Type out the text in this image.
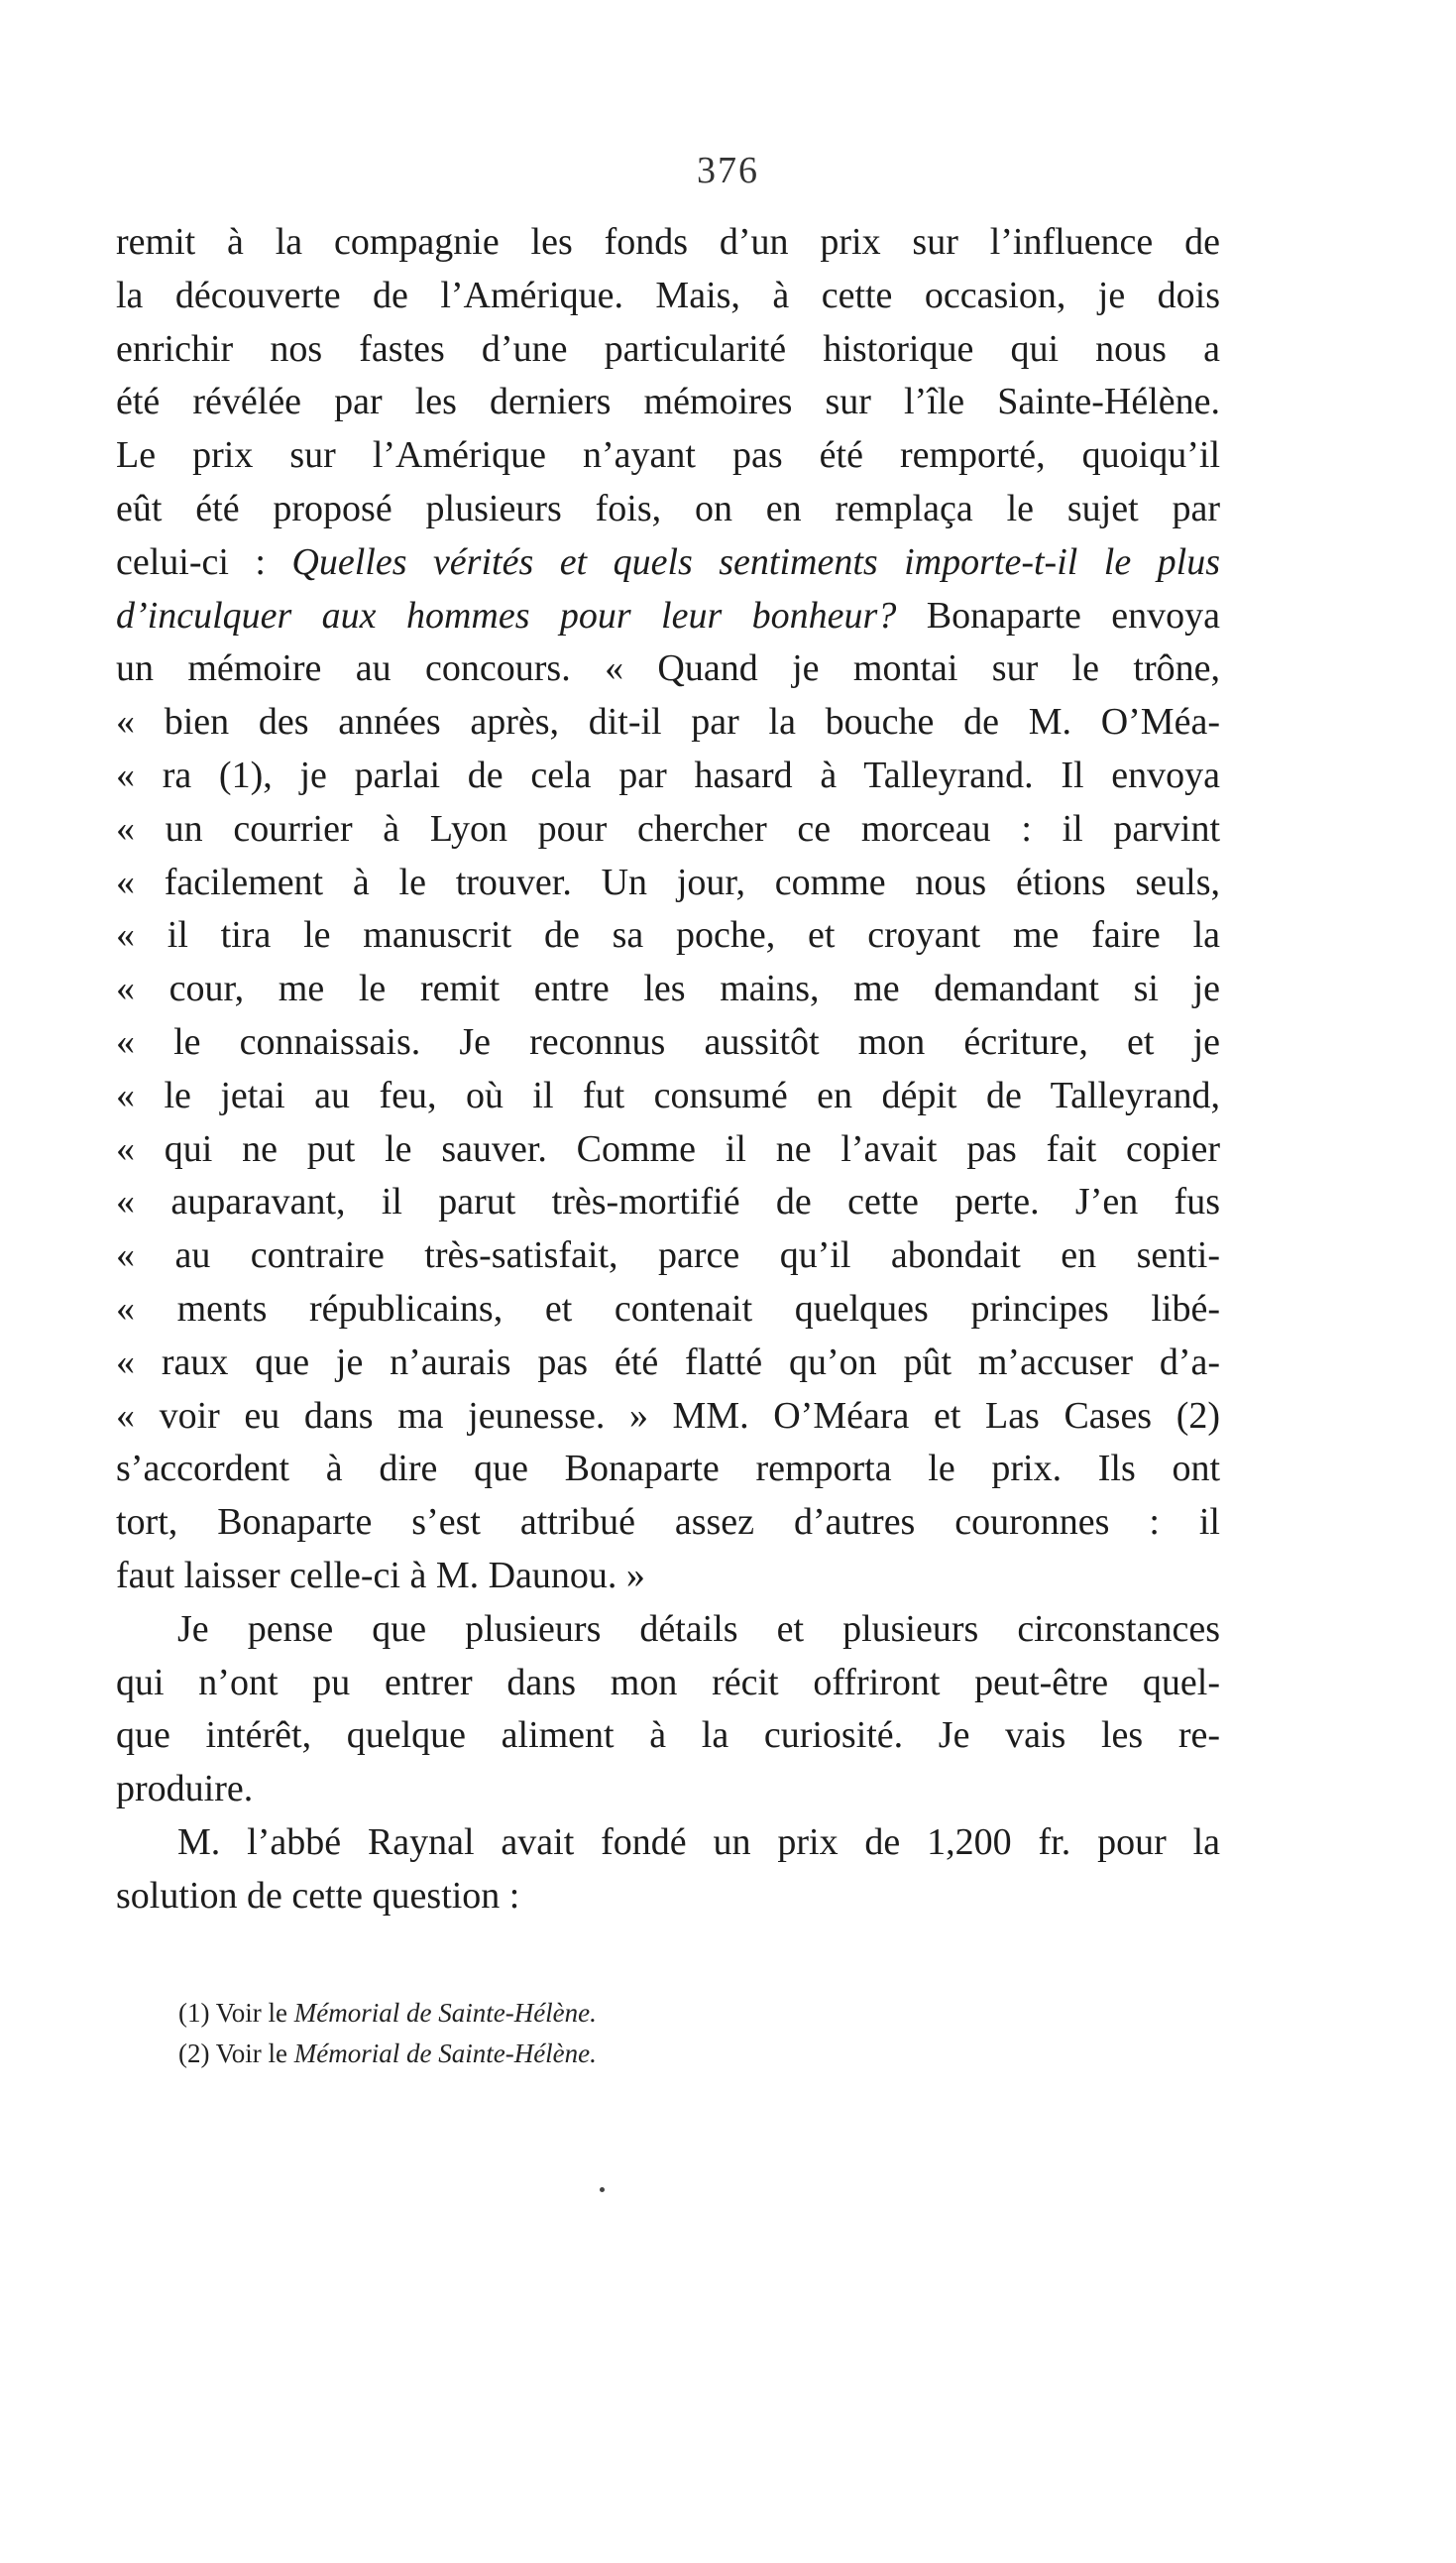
376
remit à la compagnie les fonds d’un prix sur l’influence de
la découverte de l’Amérique. Mais, à cette occasion, je dois
enrichir nos fastes d’une particularité historique qui nous a
été révélée par les derniers mémoires sur l’île Sainte-Hélène.
Le prix sur l’Amérique n’ayant pas été remporté, quoiqu’il
eût été proposé plusieurs fois, on en remplaça le sujet par
celui-ci : Quelles vérités et quels sentiments importe-t-il le plus
d’inculquer aux hommes pour leur bonheur? Bonaparte envoya
un mémoire au concours. « Quand je montai sur le trône,
« bien des années après, dit-il par la bouche de M. O’Méa-
« ra (1), je parlai de cela par hasard à Talleyrand. Il envoya
« un courrier à Lyon pour chercher ce morceau : il parvint
« facilement à le trouver. Un jour, comme nous étions seuls,
« il tira le manuscrit de sa poche, et croyant me faire la
« cour, me le remit entre les mains, me demandant si je
« le connaissais. Je reconnus aussitôt mon écriture, et je
« le jetai au feu, où il fut consumé en dépit de Talleyrand,
« qui ne put le sauver. Comme il ne l’avait pas fait copier
« auparavant, il parut très-mortifié de cette perte. J’en fus
« au contraire très-satisfait, parce qu’il abondait en senti-
« ments républicains, et contenait quelques principes libé-
« raux que je n’aurais pas été flatté qu’on pût m’accuser d’a-
« voir eu dans ma jeunesse. » MM. O’Méara et Las Cases (2)
s’accordent à dire que Bonaparte remporta le prix. Ils ont
tort, Bonaparte s’est attribué assez d’autres couronnes : il
faut laisser celle-ci à M. Daunou. »
Je pense que plusieurs détails et plusieurs circonstances
qui n’ont pu entrer dans mon récit offriront peut-être quel-
que intérêt, quelque aliment à la curiosité. Je vais les re-
produire.
M. l’abbé Raynal avait fondé un prix de 1,200 fr. pour la
solution de cette question :
(1) Voir le Mémorial de Sainte-Hélène.
(2) Voir le Mémorial de Sainte-Hélène.
